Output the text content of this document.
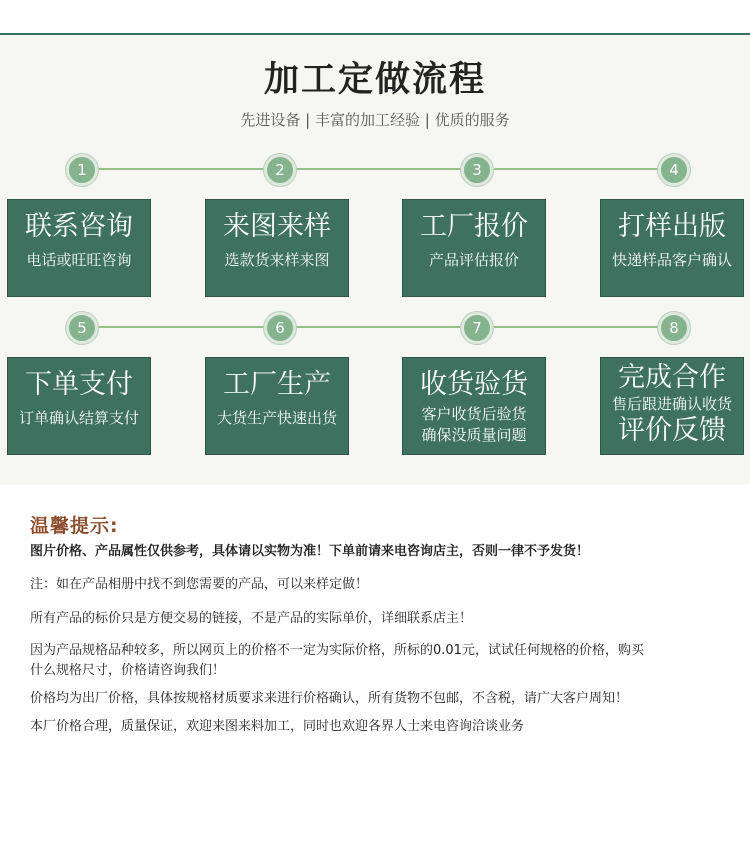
加工定做流程
先进设备 | 丰富的加工经验 | 优质的服务
1	2	3	4
5	6	7	8
联系咨询
电话或旺旺咨询
来图来样
选款货来样来图
工厂报价
产品评估报价
打样出版
快递样品客户确认
下单支付
订单确认结算支付
工厂生产
大货生产快速出货
收货验货
客户收货后验货
确保没质量问题
完成合作
售后跟进确认收货
评价反馈
温馨提示:
图片价格、产品属性仅供参考，具体请以实物为准！下单前请来电咨询店主，否则一律不予发货！
注：如在产品相册中找不到您需要的产品，可以来样定做！
所有产品的标价只是方便交易的链接，不是产品的实际单价，详细联系店主！
因为产品规格品种较多，所以网页上的价格不一定为实际价格，所标的0.01元，试试任何规格的价格，购买
什么规格尺寸，价格请咨询我们！
价格均为出厂价格，具体按规格材质要求来进行价格确认，所有货物不包邮，不含税，请广大客户周知！
本厂价格合理，质量保证，欢迎来图来料加工，同时也欢迎各界人士来电咨询洽谈业务
